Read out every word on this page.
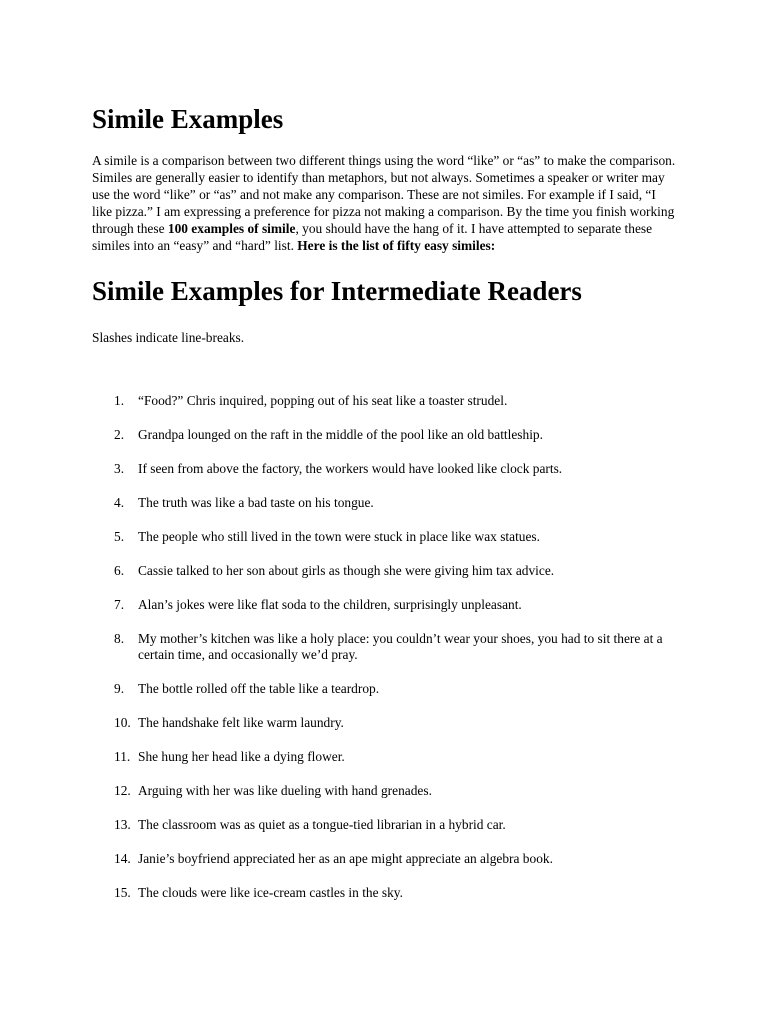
Simile Examples

A simile is a comparison between two different things using the word “like” or “as” to make the comparison. Similes are generally easier to identify than metaphors, but not always. Sometimes a speaker or writer may use the word “like” or “as” and not make any comparison. These are not similes. For example if I said, “I like pizza.” I am expressing a preference for pizza not making a comparison. By the time you finish working through these 100 examples of simile, you should have the hang of it. I have attempted to separate these similes into an “easy” and “hard” list. Here is the list of fifty easy similes:

Simile Examples for Intermediate Readers

Slashes indicate line-breaks.

1.	“Food?” Chris inquired, popping out of his seat like a toaster strudel.
2.	Grandpa lounged on the raft in the middle of the pool like an old battleship.
3.	If seen from above the factory, the workers would have looked like clock parts.
4.	The truth was like a bad taste on his tongue.
5.	The people who still lived in the town were stuck in place like wax statues.
6.	Cassie talked to her son about girls as though she were giving him tax advice.
7.	Alan’s jokes were like flat soda to the children, surprisingly unpleasant.
8.	My mother’s kitchen was like a holy place: you couldn’t wear your shoes, you had to sit there at a certain time, and occasionally we’d pray.
9.	The bottle rolled off the table like a teardrop.
10. The handshake felt like warm laundry.
11. She hung her head like a dying flower.
12. Arguing with her was like dueling with hand grenades.
13. The classroom was as quiet as a tongue-tied librarian in a hybrid car.
14. Janie’s boyfriend appreciated her as an ape might appreciate an algebra book.
15. The clouds were like ice-cream castles in the sky.
